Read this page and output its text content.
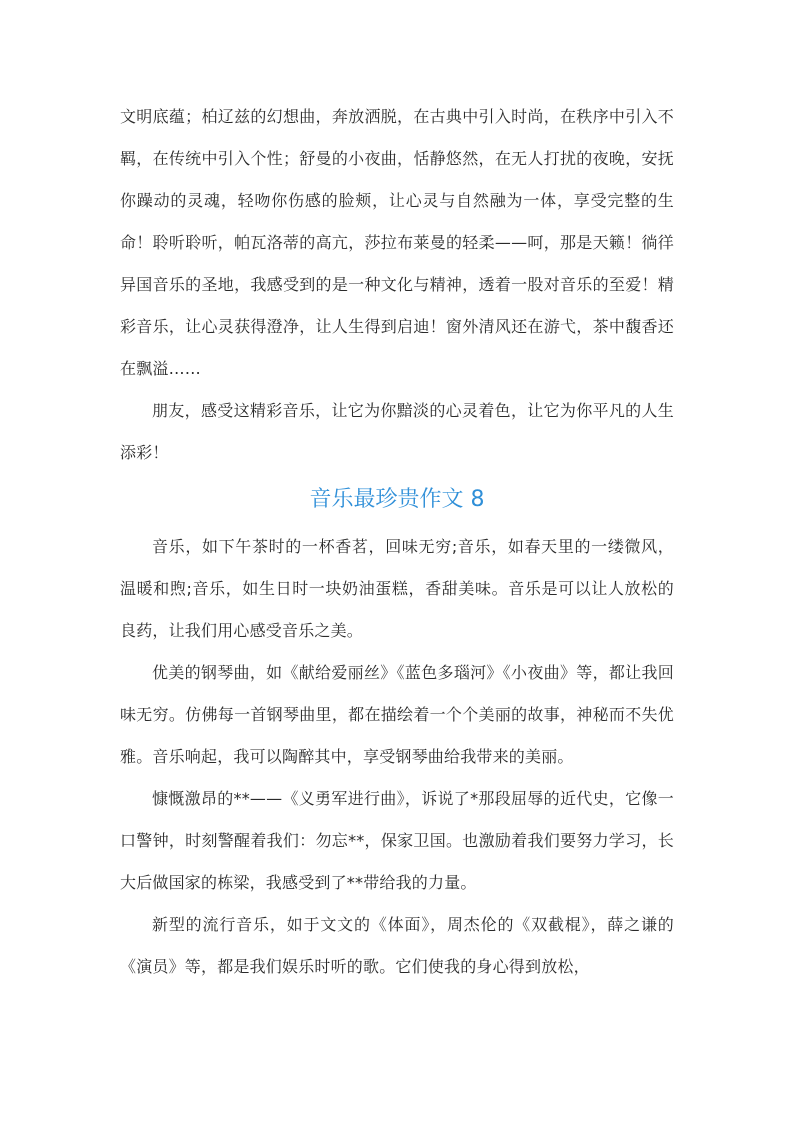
文明底蕴；柏辽兹的幻想曲，奔放洒脱，在古典中引入时尚，在秩序中引入不羁，在传统中引入个性；舒曼的小夜曲，恬静悠然，在无人打扰的夜晚，安抚你躁动的灵魂，轻吻你伤感的脸颊，让心灵与自然融为一体，享受完整的生命！聆听聆听，帕瓦洛蒂的高亢，莎拉布莱曼的轻柔——呵，那是天籁！徜徉异国音乐的圣地，我感受到的是一种文化与精神，透着一股对音乐的至爱！精彩音乐，让心灵获得澄净，让人生得到启迪！窗外清风还在游弋，茶中馥香还在飘溢……

朋友，感受这精彩音乐，让它为你黯淡的心灵着色，让它为你平凡的人生添彩！

音乐最珍贵作文 8

音乐，如下午茶时的一杯香茗，回味无穷;音乐，如春天里的一缕微风，温暖和煦;音乐，如生日时一块奶油蛋糕，香甜美味。音乐是可以让人放松的良药，让我们用心感受音乐之美。

优美的钢琴曲，如《献给爱丽丝》《蓝色多瑙河》《小夜曲》等，都让我回味无穷。仿佛每一首钢琴曲里，都在描绘着一个个美丽的故事，神秘而不失优雅。音乐响起，我可以陶醉其中，享受钢琴曲给我带来的美丽。

慷慨激昂的**——《义勇军进行曲》，诉说了*那段屈辱的近代史，它像一口警钟，时刻警醒着我们：勿忘**，保家卫国。也激励着我们要努力学习，长大后做国家的栋梁，我感受到了**带给我的力量。

新型的流行音乐，如于文文的《体面》，周杰伦的《双截棍》，薛之谦的《演员》等，都是我们娱乐时听的歌。它们使我的身心得到放松，
